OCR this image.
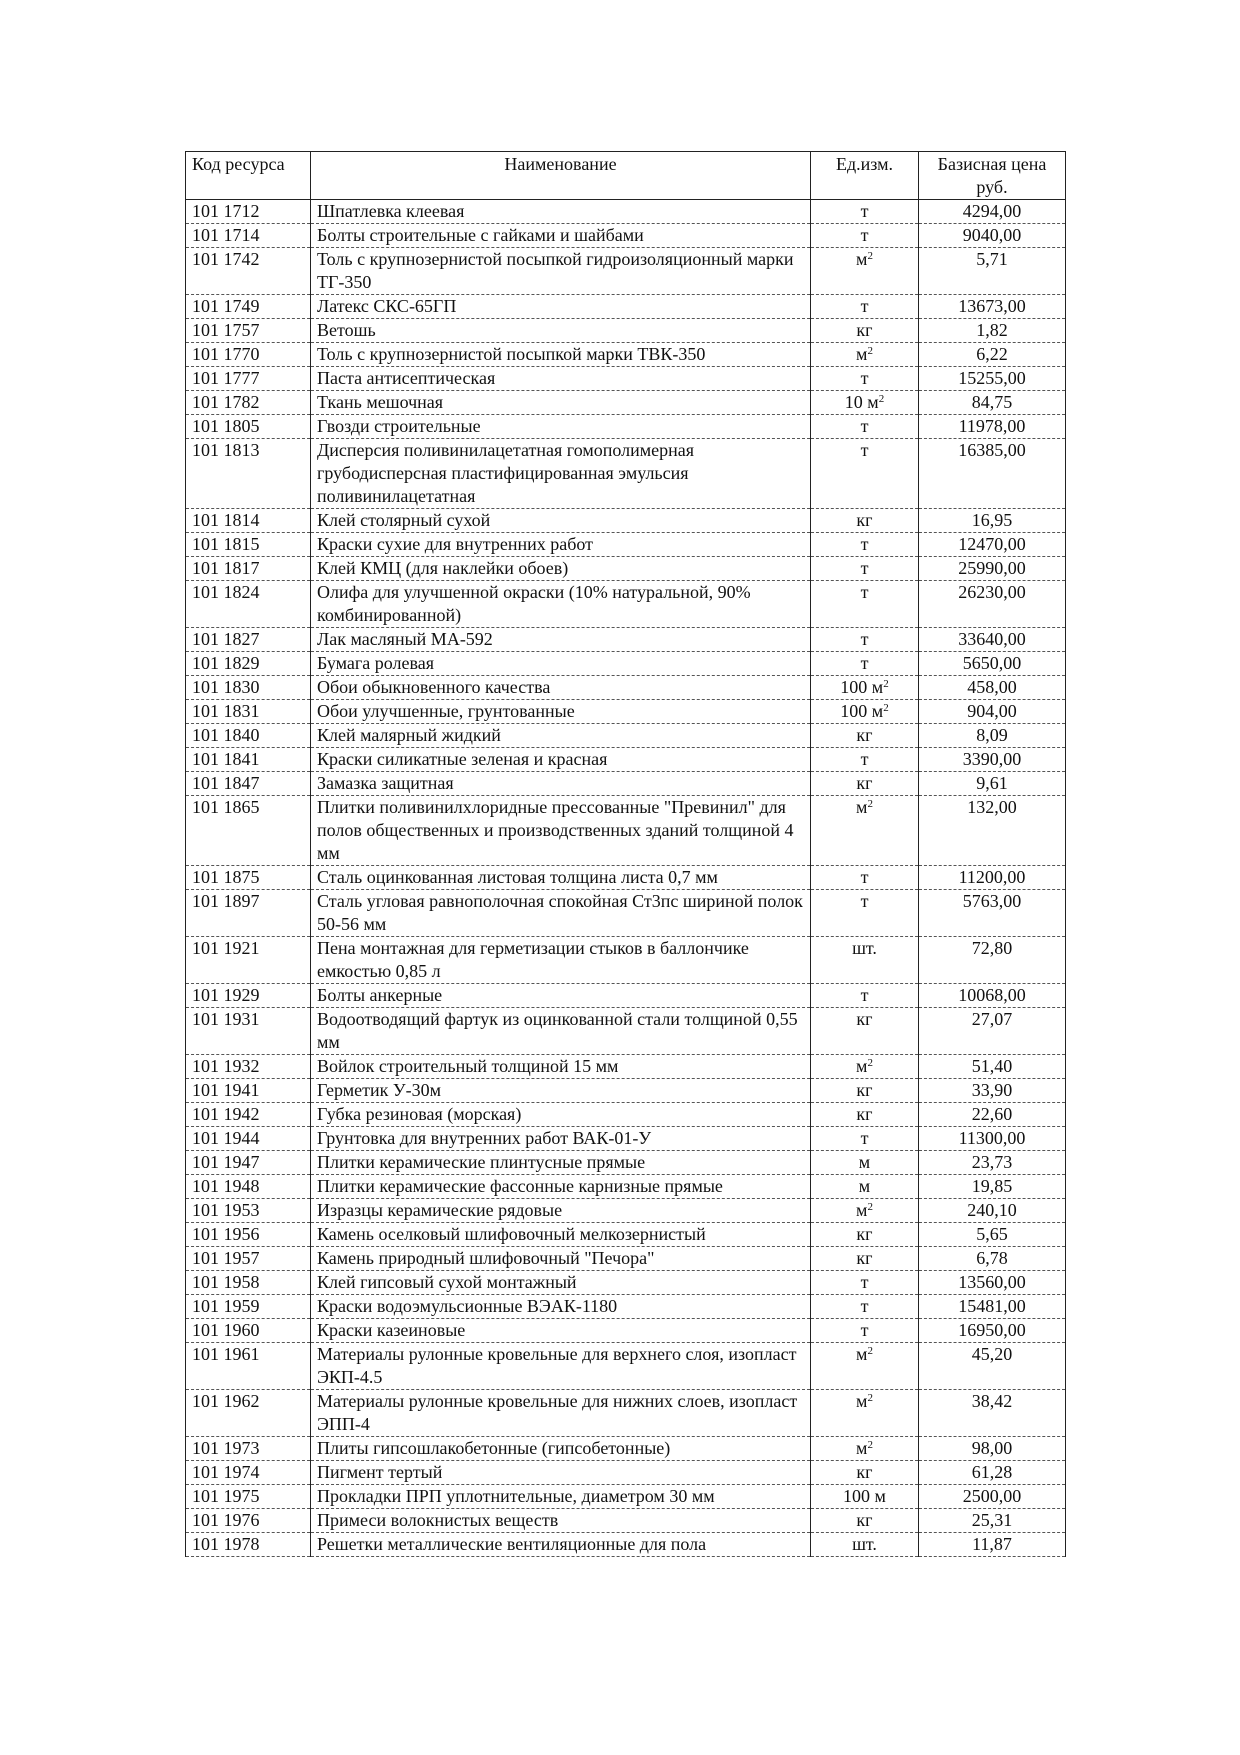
Код ресурса	Наименование	Ед.изм.	Базисная цена руб.
101 1712	Шпатлевка клеевая	т	4294,00
101 1714	Болты строительные с гайками и шайбами	т	9040,00
101 1742	Толь с крупнозернистой посыпкой гидроизоляционный марки ТГ-350	$м^2$	5,71
101 1749	Латекс СКС-65ГП	т	13673,00
101 1757	Ветошь	кг	1,82
101 1770	Толь с крупнозернистой посыпкой марки ТВК-350	$м^2$	6,22
101 1777	Паста антисептическая	т	15255,00
101 1782	Ткань мешочная	10 $м^2$	84,75
101 1805	Гвозди строительные	т	11978,00
101 1813	Дисперсия поливинилацетатная гомополимерная грубодисперсная пластифицированная эмульсия поливинилацетатная	т	16385,00
101 1814	Клей столярный сухой	кг	16,95
101 1815	Краски сухие для внутренних работ	т	12470,00
101 1817	Клей КМЦ (для наклейки обоев)	т	25990,00
101 1824	Олифа для улучшенной окраски (10% натуральной, 90% комбинированной)	т	26230,00
101 1827	Лак масляный МА-592	т	33640,00
101 1829	Бумага ролевая	т	5650,00
101 1830	Обои обыкновенного качества	100 $м^2$	458,00
101 1831	Обои улучшенные, грунтованные	100 $м^2$	904,00
101 1840	Клей малярный жидкий	кг	8,09
101 1841	Краски силикатные зеленая и красная	т	3390,00
101 1847	Замазка защитная	кг	9,61
101 1865	Плитки поливинилхлоридные прессованные "Превинил" для полов общественных и производственных зданий толщиной 4 мм	$м^2$	132,00
101 1875	Сталь оцинкованная листовая толщина листа 0,7 мм	т	11200,00
101 1897	Сталь угловая равнополочная спокойная Ст3пс шириной полок 50-56 мм	т	5763,00
101 1921	Пена монтажная для герметизации стыков в баллончике емкостью 0,85 л	шт.	72,80
101 1929	Болты анкерные	т	10068,00
101 1931	Водоотводящий фартук из оцинкованной стали толщиной 0,55 мм	кг	27,07
101 1932	Войлок строительный толщиной 15 мм	$м^2$	51,40
101 1941	Герметик У-30м	кг	33,90
101 1942	Губка резиновая (морская)	кг	22,60
101 1944	Грунтовка для внутренних работ ВАК-01-У	т	11300,00
101 1947	Плитки керамические плинтусные прямые	м	23,73
101 1948	Плитки керамические фассонные карнизные прямые	м	19,85
101 1953	Изразцы керамические рядовые	$м^2$	240,10
101 1956	Камень оселковый шлифовочный мелкозернистый	кг	5,65
101 1957	Камень природный шлифовочный "Печора"	кг	6,78
101 1958	Клей гипсовый сухой монтажный	т	13560,00
101 1959	Краски водоэмульсионные ВЭАК-1180	т	15481,00
101 1960	Краски казеиновые	т	16950,00
101 1961	Материалы рулонные кровельные для верхнего слоя, изопласт ЭКП-4.5	$м^2$	45,20
101 1962	Материалы рулонные кровельные для нижних слоев, изопласт ЭПП-4	$м^2$	38,42
101 1973	Плиты гипсошлакобетонные (гипсобетонные)	$м^2$	98,00
101 1974	Пигмент тертый	кг	61,28
101 1975	Прокладки ПРП уплотнительные, диаметром 30 мм	100 м	2500,00
101 1976	Примеси волокнистых веществ	кг	25,31
101 1978	Решетки металлические вентиляционные для пола	шт.	11,87
